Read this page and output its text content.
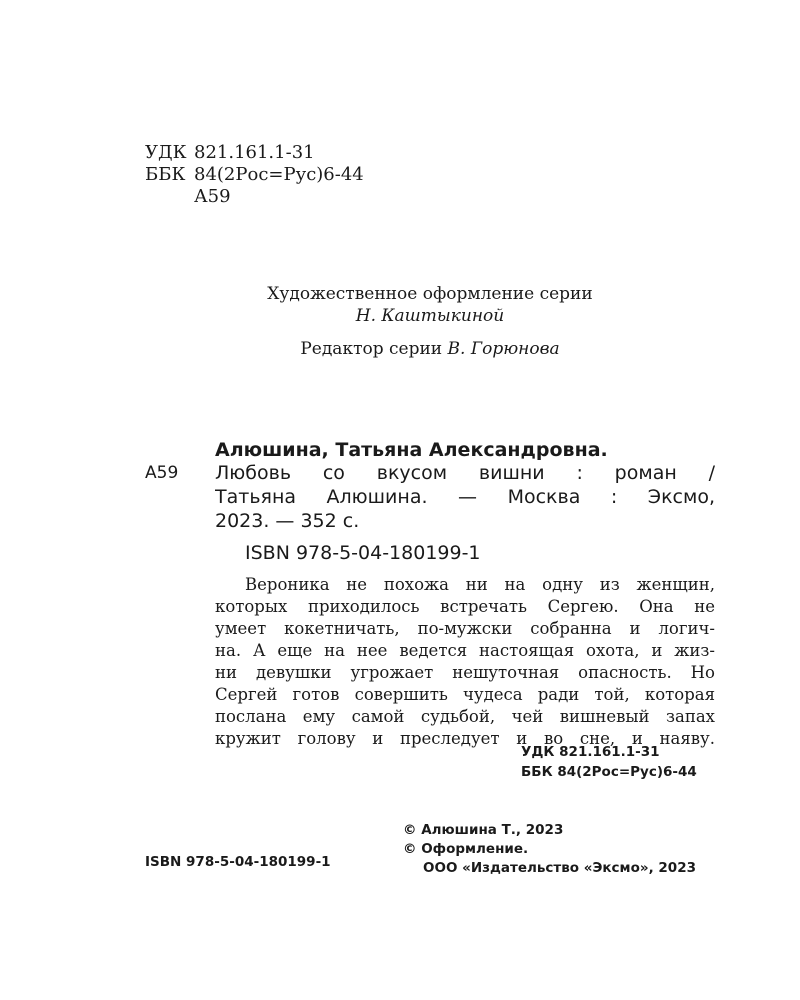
УДК 821.161.1-31
ББК 84(2Рос=Рус)6-44
А59
Художественное оформление серии
Н. Каштыкиной
Редактор серии В. Горюнова
Алюшина, Татьяна Александровна.
А59 Любовь со вкусом вишни : роман /
Татьяна Алюшина. — Москва : Эксмо,
2023. — 352 с.
ISBN 978-5-04-180199-1
Вероника не похожа ни на одну из женщин,
которых приходилось встречать Сергею. Она не
умеет кокетничать, по-мужски собранна и логич-
на. А еще на нее ведется настоящая охота, и жиз-
ни девушки угрожает нешуточная опасность. Но
Сергей готов совершить чудеса ради той, которая
послана ему самой судьбой, чей вишневый запах
кружит голову и преследует и во сне, и наяву.
УДК 821.161.1-31
ББК 84(2Рос=Рус)6-44
© Алюшина Т., 2023
© Оформление.
ООО «Издательство «Эксмо», 2023
ISBN 978-5-04-180199-1
